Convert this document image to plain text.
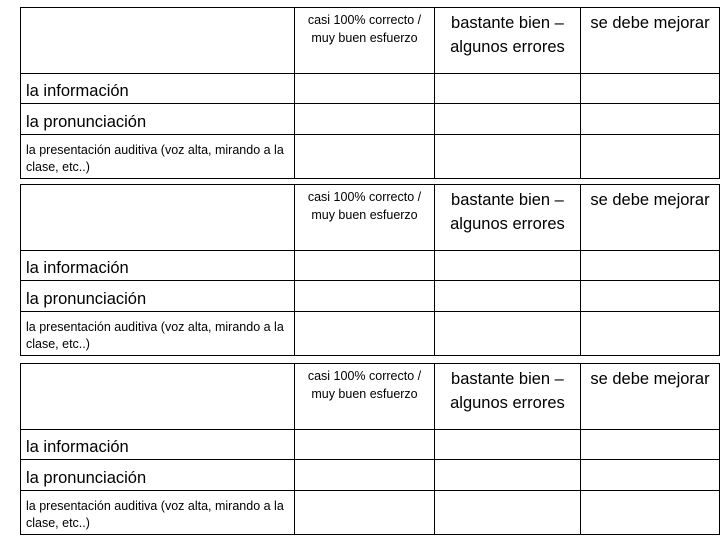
	casi 100% correcto / muy buen esfuerzo	bastante bien – algunos errores	se debe mejorar
la información			
la pronunciación			
la presentación auditiva (voz alta, mirando a la clase, etc..)			
	casi 100% correcto / muy buen esfuerzo	bastante bien – algunos errores	se debe mejorar
la información			
la pronunciación			
la presentación auditiva (voz alta, mirando a la clase, etc..)			
	casi 100% correcto / muy buen esfuerzo	bastante bien – algunos errores	se debe mejorar
la información			
la pronunciación			
la presentación auditiva (voz alta, mirando a la clase, etc..)			
